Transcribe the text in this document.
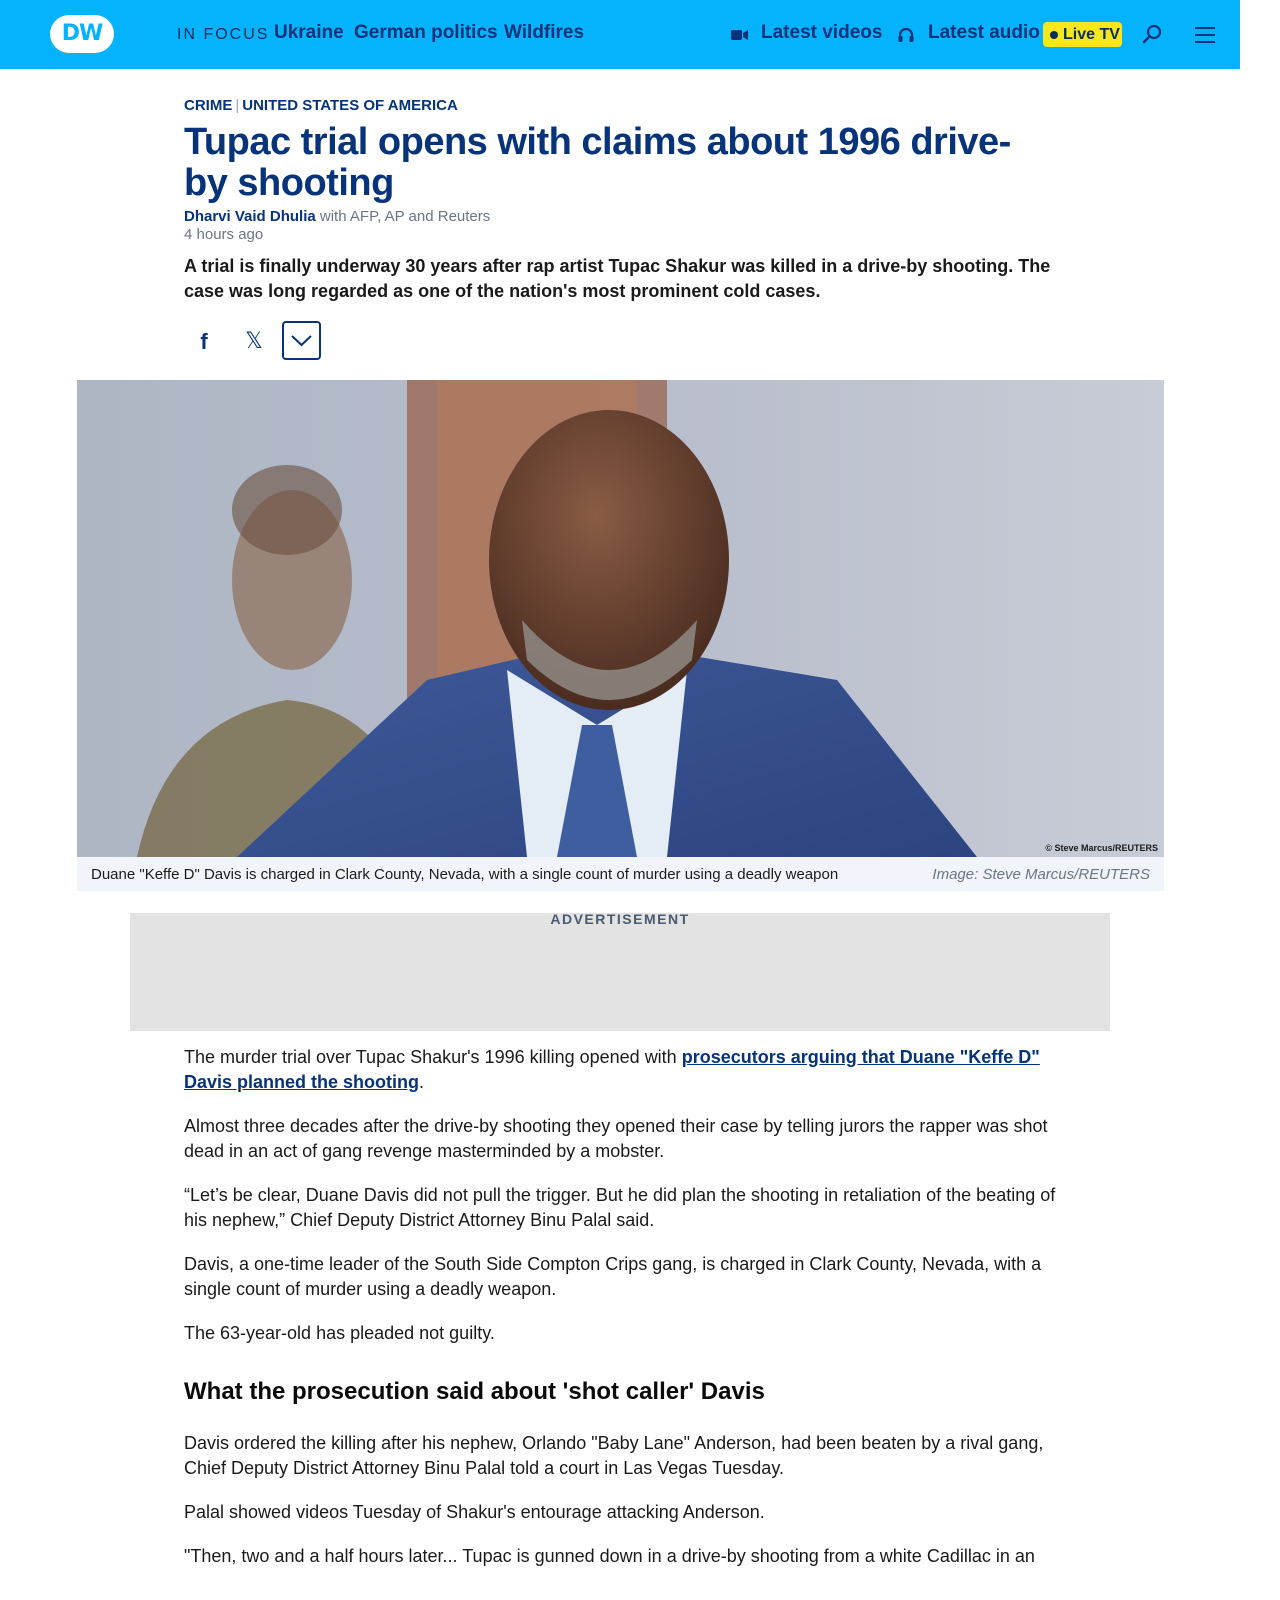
DW	IN FOCUS Ukraine German politics Wildfires	Latest videos Latest audio	Live TV
CRIME | UNITED STATES OF AMERICA
Tupac trial opens with claims about 1996 drive-by shooting
Dharvi Vaid Dhulia with AFP, AP and Reuters
4 hours ago

A trial is finally underway 30 years after rap artist Tupac Shakur was killed in a drive-by shooting. The case was long regarded as one of the nation's most prominent cold cases.

f	𝕏
© Steve Marcus/REUTERS
Duane "Keffe D" Davis is charged in Clark County, Nevada, with a single count of murder using a deadly weapon	Image: Steve Marcus/REUTERS
ADVERTISEMENT

The murder trial over Tupac Shakur's 1996 killing opened with prosecutors arguing that Duane "Keffe D" Davis planned the shooting.

Almost three decades after the drive-by shooting they opened their case by telling jurors the rapper was shot dead in an act of gang revenge masterminded by a mobster.

“Let’s be clear, Duane Davis did not pull the trigger. But he did plan the shooting in retaliation of the beating of his nephew,” Chief Deputy District Attorney Binu Palal said.

Davis, a one-time leader of the South Side Compton Crips gang, is charged in Clark County, Nevada, with a single count of murder using a deadly weapon.

The 63-year-old has pleaded not guilty.

What the prosecution said about 'shot caller' Davis

Davis ordered the killing after his nephew, Orlando "Baby Lane" Anderson, had been beaten by a rival gang, Chief Deputy District Attorney Binu Palal told a court in Las Vegas Tuesday.

Palal showed videos Tuesday of Shakur's entourage attacking Anderson.

"Then, two and a half hours later... Tupac is gunned down in a drive-by shooting from a white Cadillac in an
